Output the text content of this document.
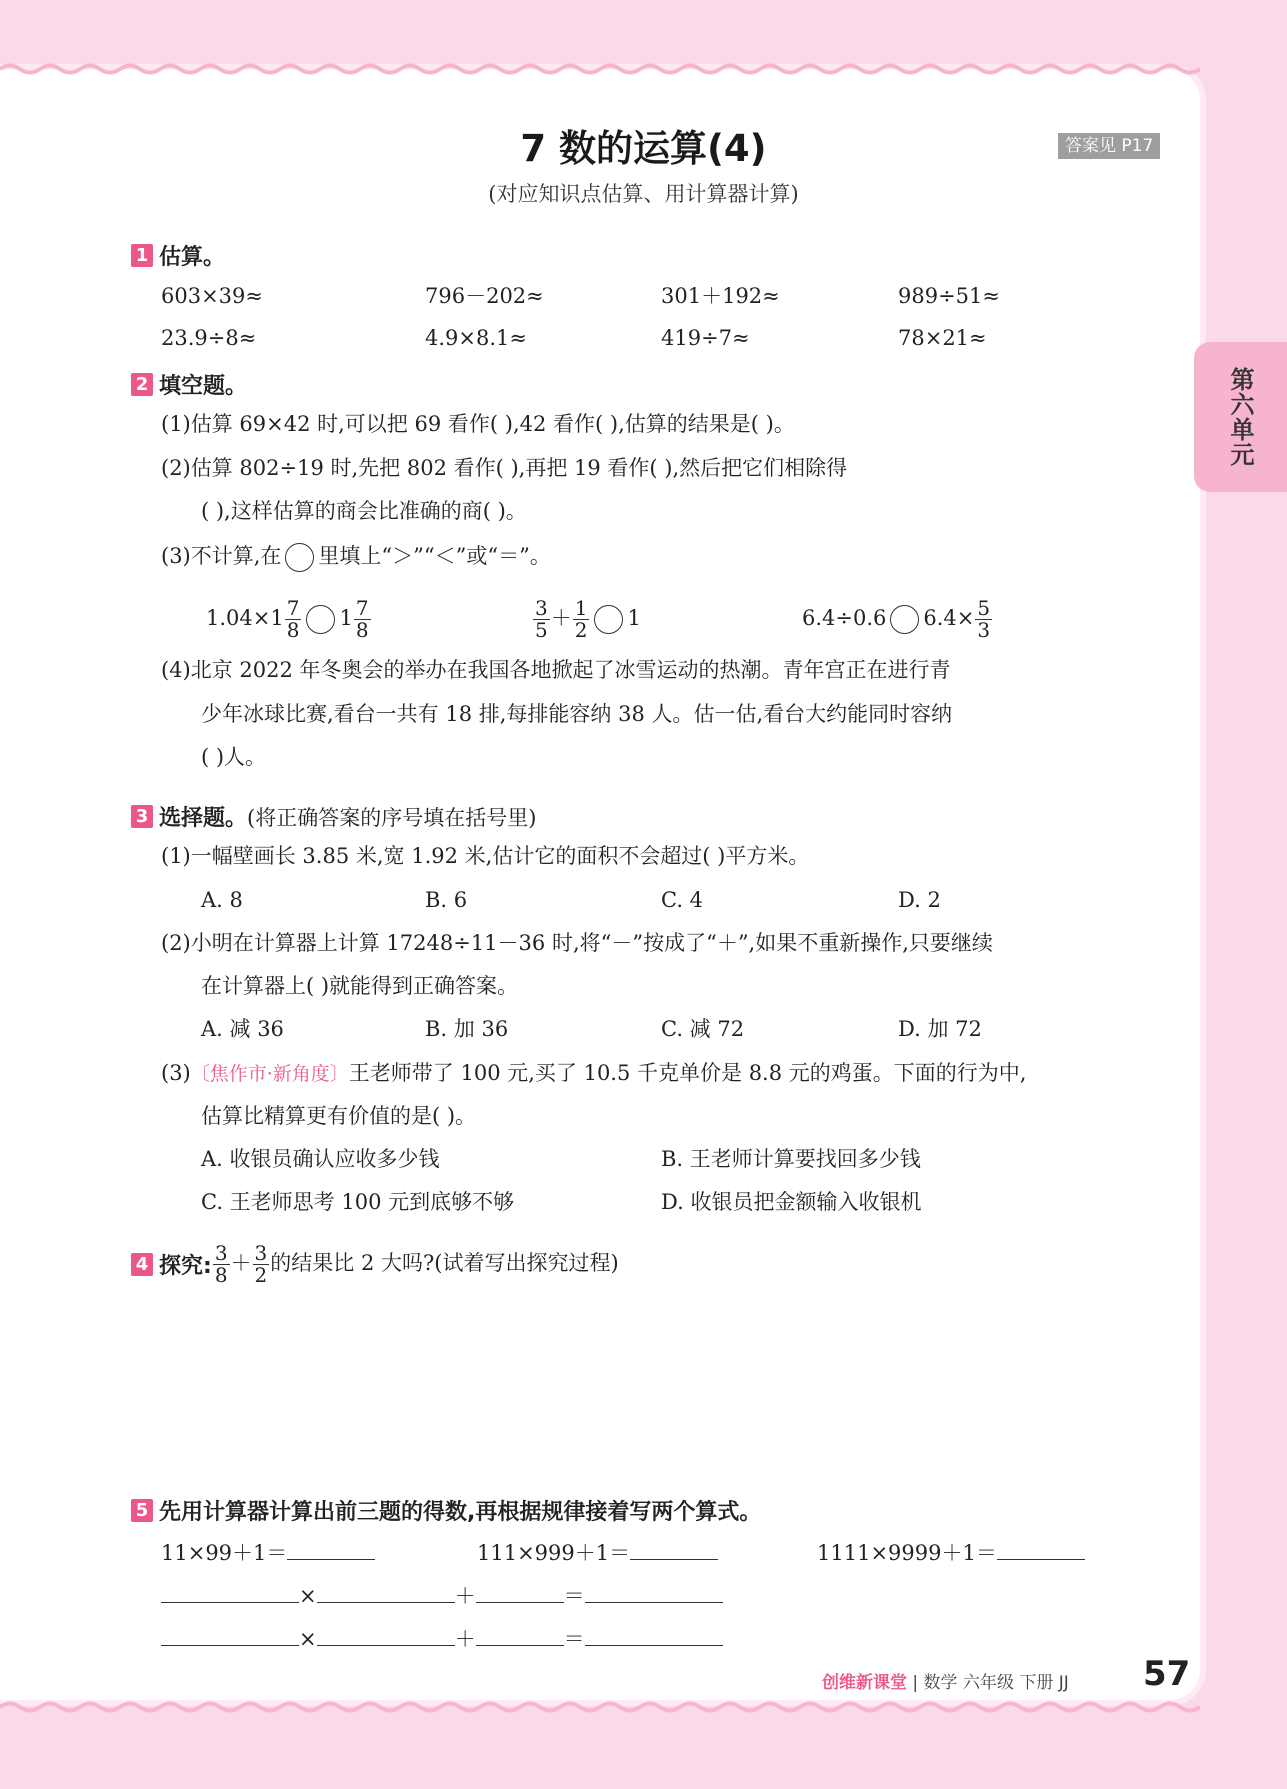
第六单元
7 数的运算(4)	答案见 P17
(对应知识点估算、用计算器计算)
1 估算。
603×39≈	796－202≈	301＋192≈	989÷51≈
23.9÷8≈	4.9×8.1≈	419÷7≈	78×21≈
2 填空题。
(1)估算 69×42 时,可以把 69 看作( ),42 看作( ),估算的结果是( )。
(2)估算 802÷19 时,先把 802 看作( ),再把 19 看作( ),然后把它们相除得
( ),这样估算的商会比准确的商( )。
(3)不计算,在 里填上“＞”“＜”或“＝”。
$1.04\times 1 \frac{7}{8} 1 \frac{7}{8}$	$\frac{3}{5} + \frac{1}{2} 1$	6.4÷0.6 $6.4\times \frac{5}{3}$
(4)北京 2022 年冬奥会的举办在我国各地掀起了冰雪运动的热潮。青年宫正在进行青
少年冰球比赛,看台一共有 18 排,每排能容纳 38 人。估一估,看台大约能同时容纳
( )人。
3 选择题。 (将正确答案的序号填在括号里)
(1)一幅壁画长 3.85 米,宽 1.92 米,估计它的面积不会超过( )平方米。
A. 8	B. 6	C. 4	D. 2
(2)小明在计算器上计算 17248÷11－36 时,将“－”按成了“＋”,如果不重新操作,只要继续
在计算器上( )就能得到正确答案。
A. 减 36	B. 加 36	C. 减 72	D. 加 72
(3)〔焦作市·新角度〕王老师带了 100 元,买了 10.5 千克单价是 8.8 元的鸡蛋。下面的行为中,
估算比精算更有价值的是( )。
A. 收银员确认应收多少钱	B. 王老师计算要找回多少钱
C. 王老师思考 100 元到底够不够	D. 收银员把金额输入收银机
4 探究: $\frac{3}{8} + \frac{3}{2}$ 的结果比 2 大吗?(试着写出探究过程)
5 先用计算器计算出前三题的得数,再根据规律接着写两个算式。
11×99＋1＝	111×999＋1＝	1111×9999＋1＝
×	＋	＝
×	＋	＝
创维新课堂 | 数学 六年级 下册 JJ 57
